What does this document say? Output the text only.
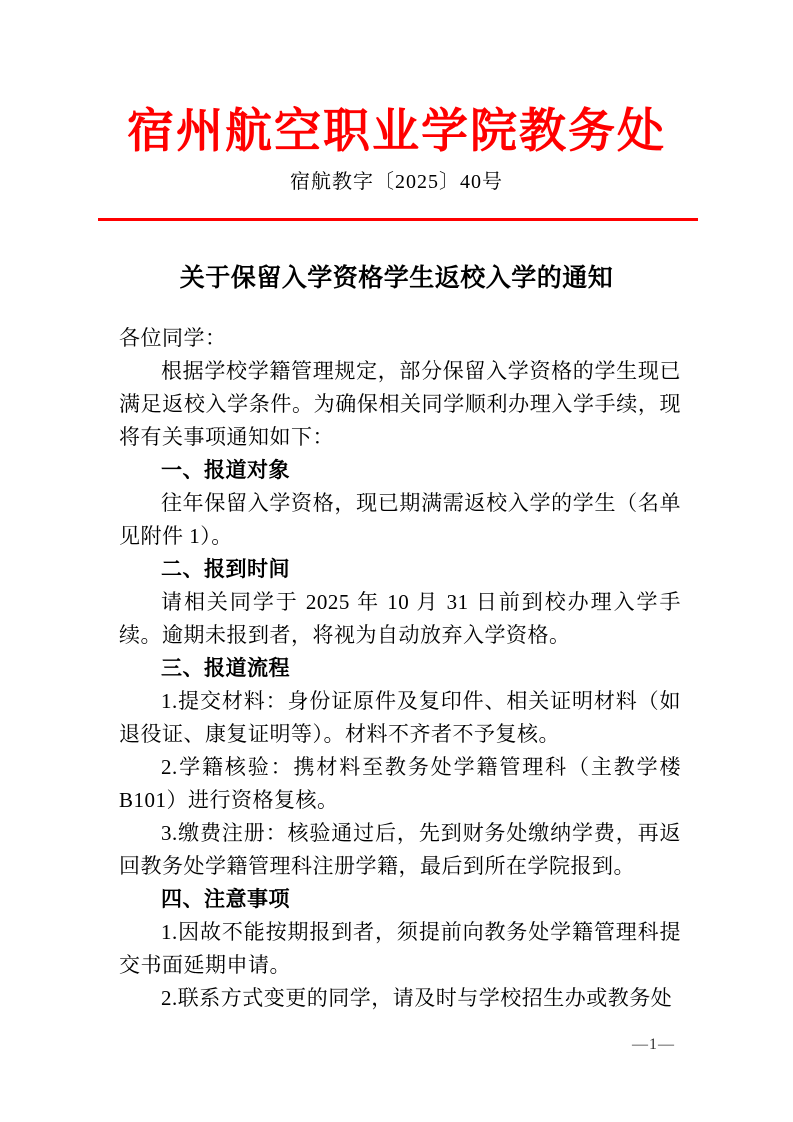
宿州航空职业学院教务处
宿航教字〔2025〕40号
关于保留入学资格学生返校入学的通知
各位同学：
根据学校学籍管理规定，部分保留入学资格的学生现已满足返校入学条件。为确保相关同学顺利办理入学手续，现将有关事项通知如下：
一、报道对象
往年保留入学资格，现已期满需返校入学的学生（名单见附件 1）。
二、报到时间
请相关同学于 2025 年 10 月 31 日前到校办理入学手续。逾期未报到者，将视为自动放弃入学资格。
三、报道流程
1.提交材料：身份证原件及复印件、相关证明材料（如退役证、康复证明等）。材料不齐者不予复核。
2.学籍核验：携材料至教务处学籍管理科（主教学楼B101）进行资格复核。
3.缴费注册：核验通过后，先到财务处缴纳学费，再返回教务处学籍管理科注册学籍，最后到所在学院报到。
四、注意事项
1.因故不能按期报到者，须提前向教务处学籍管理科提交书面延期申请。
2.联系方式变更的同学，请及时与学校招生办或教务处
—1—
